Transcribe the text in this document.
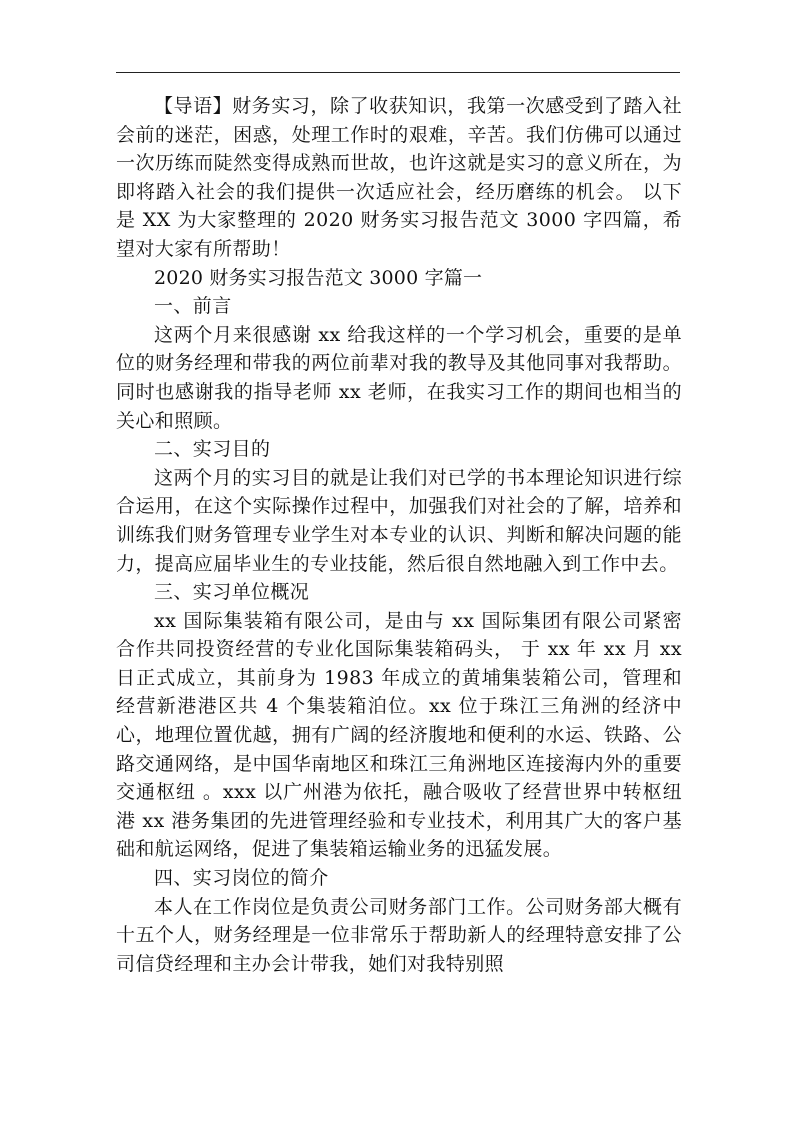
【导语】财务实习，除了收获知识，我第一次感受到了踏入社会前的迷茫，困惑，处理工作时的艰难，辛苦。我们仿佛可以通过一次历练而陡然变得成熟而世故，也许这就是实习的意义所在，为即将踏入社会的我们提供一次适应社会，经历磨练的机会。 以下是 XX 为大家整理的 2020 财务实习报告范文 3000 字四篇，希望对大家有所帮助！

2020 财务实习报告范文 3000 字篇一

一、前言

这两个月来很感谢 xx 给我这样的一个学习机会，重要的是单位的财务经理和带我的两位前辈对我的教导及其他同事对我帮助。同时也感谢我的指导老师 xx 老师，在我实习工作的期间也相当的关心和照顾。

二、实习目的

这两个月的实习目的就是让我们对已学的书本理论知识进行综合运用，在这个实际操作过程中，加强我们对社会的了解，培养和训练我们财务管理专业学生对本专业的认识、判断和解决问题的能力，提高应届毕业生的专业技能，然后很自然地融入到工作中去。

三、实习单位概况

xx 国际集装箱有限公司，是由与 xx 国际集团有限公司紧密合作共同投资经营的专业化国际集装箱码头， 于 xx 年 xx 月 xx 日正式成立，其前身为 1983 年成立的黄埔集装箱公司，管理和经营新港港区共 4 个集装箱泊位。xx 位于珠江三角洲的经济中心，地理位置优越，拥有广阔的经济腹地和便利的水运、铁路、公路交通网络，是中国华南地区和珠江三角洲地区连接海内外的重要交通枢纽 。xxx 以广州港为依托，融合吸收了经营世界中转枢纽港 xx 港务集团的先进管理经验和专业技术，利用其广大的客户基础和航运网络，促进了集装箱运输业务的迅猛发展。

四、实习岗位的简介

本人在工作岗位是负责公司财务部门工作。公司财务部大概有十五个人，财务经理是一位非常乐于帮助新人的经理特意安排了公司信贷经理和主办会计带我，她们对我特别照
